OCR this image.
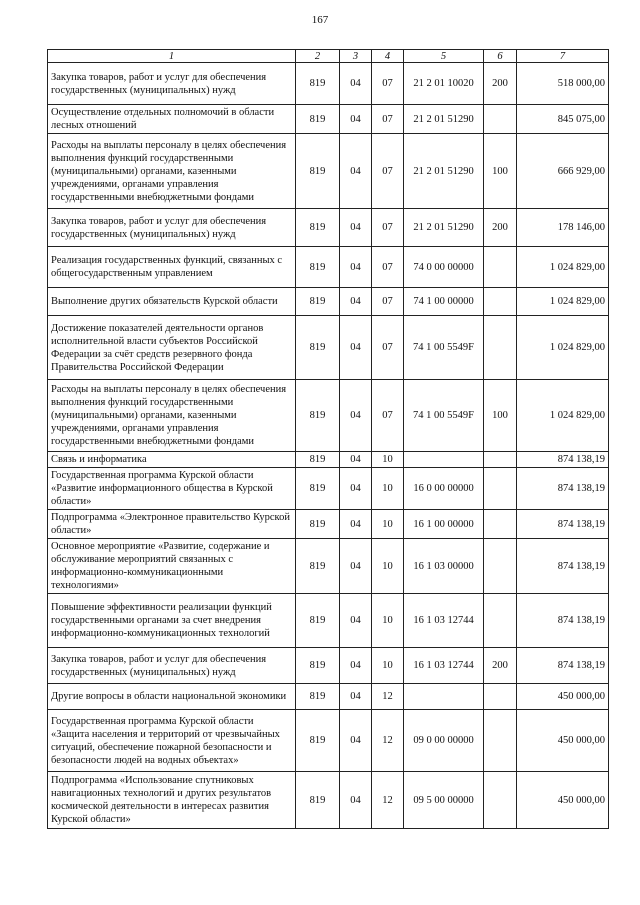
167
1	2	3	4	5	6	7
Закупка товаров, работ и услуг для обеспечения государственных (муниципальных) нужд	819	04	07	21 2 01 10020	200	518 000,00
Осуществление отдельных полномочий в области лесных отношений	819	04	07	21 2 01 51290		845 075,00
Расходы на выплаты персоналу в целях обеспечения выполнения функций государственными (муниципальными) органами, казенными учреждениями, органами управления государственными внебюджетными фондами	819	04	07	21 2 01 51290	100	666 929,00
Закупка товаров, работ и услуг для обеспечения государственных (муниципальных) нужд	819	04	07	21 2 01 51290	200	178 146,00
Реализация государственных функций, связанных с общегосударственным управлением	819	04	07	74 0 00 00000		1 024 829,00
Выполнение других обязательств Курской области	819	04	07	74 1 00 00000		1 024 829,00
Достижение показателей деятельности органов исполнительной власти субъектов Российской Федерации за счёт средств резервного фонда Правительства Российской Федерации	819	04	07	74 1 00 5549F		1 024 829,00
Расходы на выплаты персоналу в целях обеспечения выполнения функций государственными (муниципальными) органами, казенными учреждениями, органами управления государственными внебюджетными фондами	819	04	07	74 1 00 5549F	100	1 024 829,00
Связь и информатика	819	04	10			874 138,19
Государственная программа Курской области «Развитие информационного общества в Курской области»	819	04	10	16 0 00 00000		874 138,19
Подпрограмма «Электронное правительство Курской области»	819	04	10	16 1 00 00000		874 138,19
Основное мероприятие «Развитие, содержание и обслуживание мероприятий связанных с информационно-коммуникационными технологиями»	819	04	10	16 1 03 00000		874 138,19
Повышение эффективности реализации функций государственными органами за счет внедрения информационно-коммуникационных технологий	819	04	10	16 1 03 12744		874 138,19
Закупка товаров, работ и услуг для обеспечения государственных (муниципальных) нужд	819	04	10	16 1 03 12744	200	874 138,19
Другие вопросы в области национальной экономики	819	04	12			450 000,00
Государственная программа Курской области «Защита населения и территорий от чрезвычайных ситуаций, обеспечение пожарной безопасности и безопасности людей на водных объектах»	819	04	12	09 0 00 00000		450 000,00
Подпрограмма «Использование спутниковых навигационных технологий и других результатов космической деятельности в интересах развития Курской области»	819	04	12	09 5 00 00000		450 000,00
